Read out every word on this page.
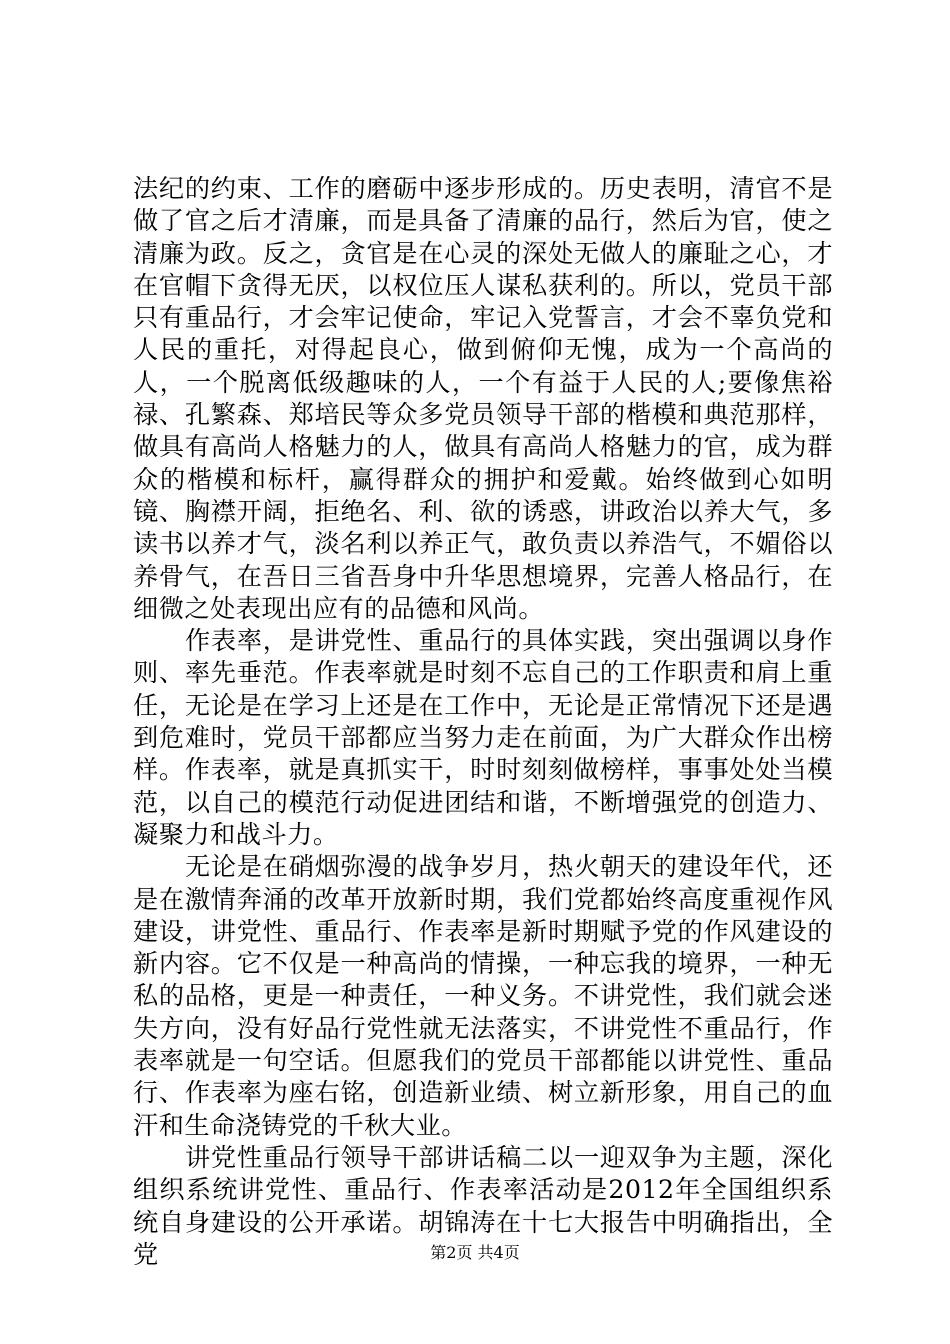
法纪的约束、工作的磨砺中逐步形成的。历史表明，清官不是做了官之后才清廉，而是具备了清廉的品行，然后为官，使之清廉为政。反之，贪官是在心灵的深处无做人的廉耻之心，才在官帽下贪得无厌，以权位压人谋私获利的。所以，党员干部只有重品行，才会牢记使命，牢记入党誓言，才会不辜负党和人民的重托，对得起良心，做到俯仰无愧，成为一个高尚的人，一个脱离低级趣味的人，一个有益于人民的人;要像焦裕禄、孔繁森、郑培民等众多党员领导干部的楷模和典范那样，做具有高尚人格魅力的人，做具有高尚人格魅力的官，成为群众的楷模和标杆，赢得群众的拥护和爱戴。始终做到心如明镜、胸襟开阔，拒绝名、利、欲的诱惑，讲政治以养大气，多读书以养才气，淡名利以养正气，敢负责以养浩气，不媚俗以养骨气，在吾日三省吾身中升华思想境界，完善人格品行，在细微之处表现出应有的品德和风尚。

作表率，是讲党性、重品行的具体实践，突出强调以身作则、率先垂范。作表率就是时刻不忘自己的工作职责和肩上重任，无论是在学习上还是在工作中，无论是正常情况下还是遇到危难时，党员干部都应当努力走在前面，为广大群众作出榜样。作表率，就是真抓实干，时时刻刻做榜样，事事处处当模范，以自己的模范行动促进团结和谐，不断增强党的创造力、凝聚力和战斗力。

无论是在硝烟弥漫的战争岁月，热火朝天的建设年代，还是在激情奔涌的改革开放新时期，我们党都始终高度重视作风建设，讲党性、重品行、作表率是新时期赋予党的作风建设的新内容。它不仅是一种高尚的情操，一种忘我的境界，一种无私的品格，更是一种责任，一种义务。不讲党性，我们就会迷失方向，没有好品行党性就无法落实，不讲党性不重品行，作表率就是一句空话。但愿我们的党员干部都能以讲党性、重品行、作表率为座右铭，创造新业绩、树立新形象，用自己的血汗和生命浇铸党的千秋大业。

讲党性重品行领导干部讲话稿二以一迎双争为主题，深化组织系统讲党性、重品行、作表率活动是2012年全国组织系统自身建设的公开承诺。胡锦涛在十七大报告中明确指出，全党	第2页 共4页
